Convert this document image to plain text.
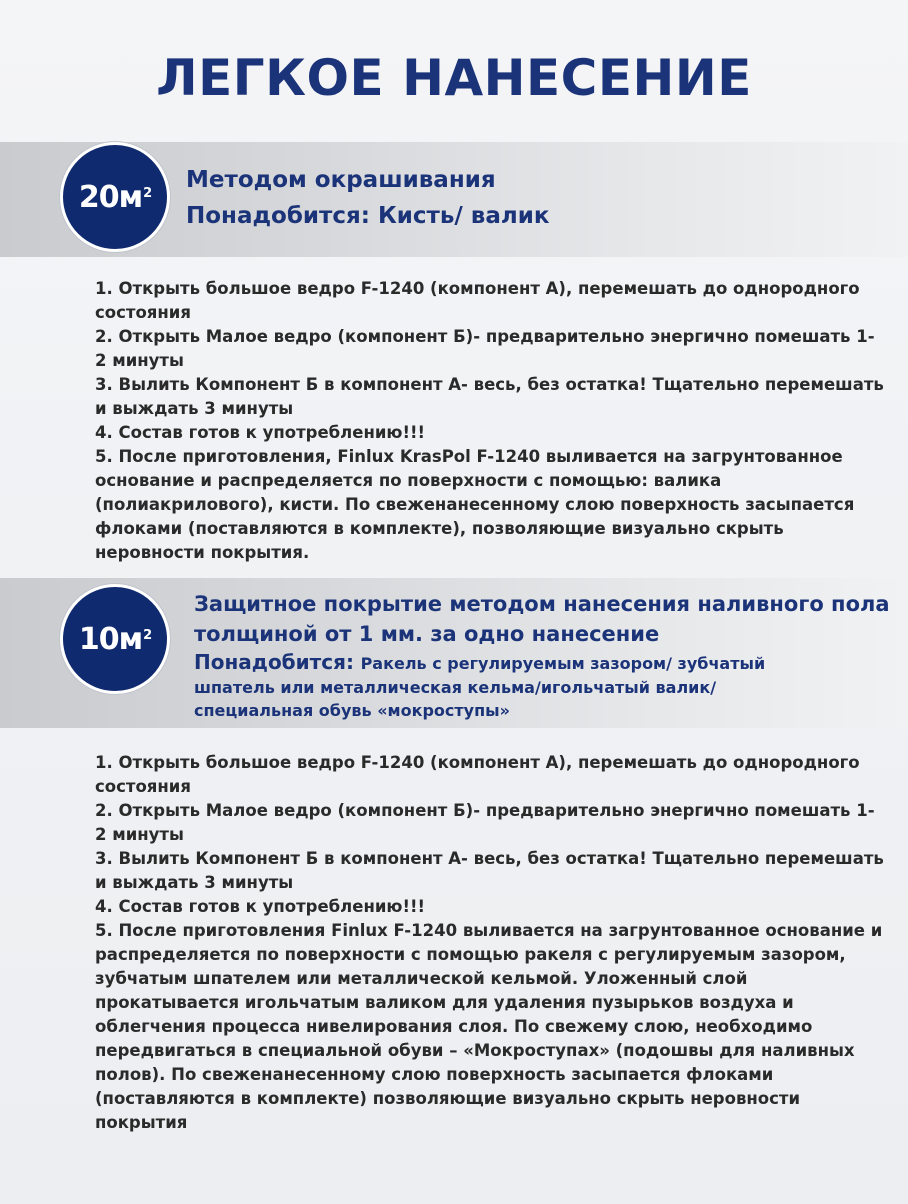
ЛЕГКОЕ НАНЕСЕНИЕ
$20м^2$ Методом окрашивания
Понадобится: Кисть/ валик
1. Открыть большое ведро F-1240 (компонент А), перемешать до однородного состояния
2. Открыть Малое ведро (компонент Б)- предварительно энергично помешать 1-2 минуты
3. Вылить Компонент Б в компонент А- весь, без остатка! Тщательно перемешать и выждать 3 минуты
4. Состав готов к употреблению!!!
5. После приготовления, Finlux KrasPol F-1240 выливается на загрунтованное основание и распределяется по поверхности с помощью: валика (полиакрилового), кисти. По свеженанесенному слою поверхность засыпается флоками (поставляются в комплекте), позволяющие визуально скрыть неровности покрытия.
$10м^2$
Защитное покрытие методом нанесения наливного пола толщиной от 1 мм. за одно нанесение
Понадобится: Ракель с регулируемым зазором/ зубчатый
шпатель или металлическая кельма/игольчатый валик/
специальная обувь «мокроступы»
1. Открыть большое ведро F-1240 (компонент А), перемешать до однородного состояния
2. Открыть Малое ведро (компонент Б)- предварительно энергично помешать 1-2 минуты
3. Вылить Компонент Б в компонент А- весь, без остатка! Тщательно перемешать и выждать 3 минуты
4. Состав готов к употреблению!!!
5. После приготовления Finlux F-1240 выливается на загрунтованное основание и распределяется по поверхности с помощью ракеля с регулируемым зазором, зубчатым шпателем или металлической кельмой. Уложенный слой прокатывается игольчатым валиком для удаления пузырьков воздуха и облегчения процесса нивелирования слоя. По свежему слою, необходимо передвигаться в специальной обуви – «Мокроступах» (подошвы для наливных полов). По свеженанесенному слою поверхность засыпается флоками (поставляются в комплекте) позволяющие визуально скрыть неровности покрытия
